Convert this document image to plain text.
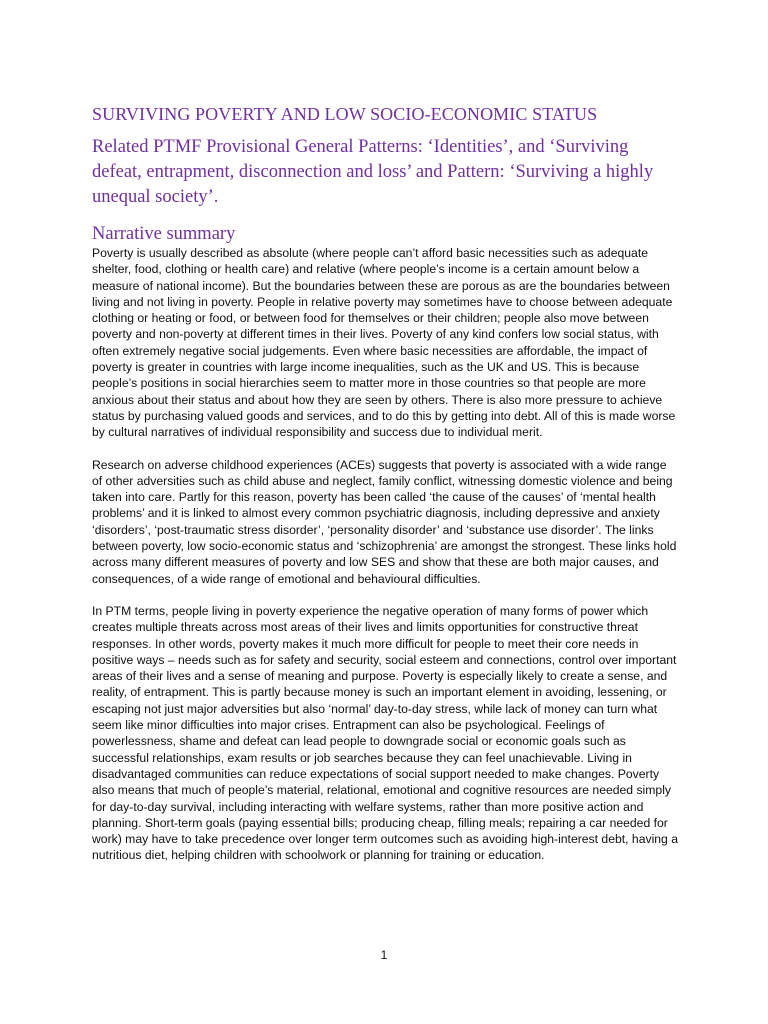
SURVIVING POVERTY AND LOW SOCIO-ECONOMIC STATUS
Related PTMF Provisional General Patterns: ‘Identities’, and ‘Surviving defeat, entrapment, disconnection and loss’ and Pattern: ‘Surviving a highly unequal society’.
Narrative summary

Poverty is usually described as absolute (where people can’t afford basic necessities such as adequate shelter, food, clothing or health care) and relative (where people’s income is a certain amount below a measure of national income). But the boundaries between these are porous as are the boundaries between living and not living in poverty. People in relative poverty may sometimes have to choose between adequate clothing or heating or food, or between food for themselves or their children; people also move between poverty and non-poverty at different times in their lives. Poverty of any kind confers low social status, with often extremely negative social judgements. Even where basic necessities are affordable, the impact of poverty is greater in countries with large income inequalities, such as the UK and US. This is because people’s positions in social hierarchies seem to matter more in those countries so that people are more anxious about their status and about how they are seen by others. There is also more pressure to achieve status by purchasing valued goods and services, and to do this by getting into debt. All of this is made worse by cultural narratives of individual responsibility and success due to individual merit.

Research on adverse childhood experiences (ACEs) suggests that poverty is associated with a wide range of other adversities such as child abuse and neglect, family conflict, witnessing domestic violence and being taken into care. Partly for this reason, poverty has been called ‘the cause of the causes’ of ‘mental health problems’ and it is linked to almost every common psychiatric diagnosis, including depressive and anxiety ‘disorders’, ‘post-traumatic stress disorder’, ‘personality disorder’ and ‘substance use disorder’. The links between poverty, low socio-economic status and ‘schizophrenia’ are amongst the strongest. These links hold across many different measures of poverty and low SES and show that these are both major causes, and consequences, of a wide range of emotional and behavioural difficulties.

In PTM terms, people living in poverty experience the negative operation of many forms of power which creates multiple threats across most areas of their lives and limits opportunities for constructive threat responses. In other words, poverty makes it much more difficult for people to meet their core needs in positive ways – needs such as for safety and security, social esteem and connections, control over important areas of their lives and a sense of meaning and purpose. Poverty is especially likely to create a sense, and reality, of entrapment. This is partly because money is such an important element in avoiding, lessening, or escaping not just major adversities but also ‘normal’ day-to-day stress, while lack of money can turn what seem like minor difficulties into major crises. Entrapment can also be psychological. Feelings of powerlessness, shame and defeat can lead people to downgrade social or economic goals such as successful relationships, exam results or job searches because they can feel unachievable. Living in disadvantaged communities can reduce expectations of social support needed to make changes. Poverty also means that much of people’s material, relational, emotional and cognitive resources are needed simply for day-to-day survival, including interacting with welfare systems, rather than more positive action and planning. Short-term goals (paying essential bills; producing cheap, filling meals; repairing a car needed for work) may have to take precedence over longer term outcomes such as avoiding high-interest debt, having a nutritious diet, helping children with schoolwork or planning for training or education.

1
